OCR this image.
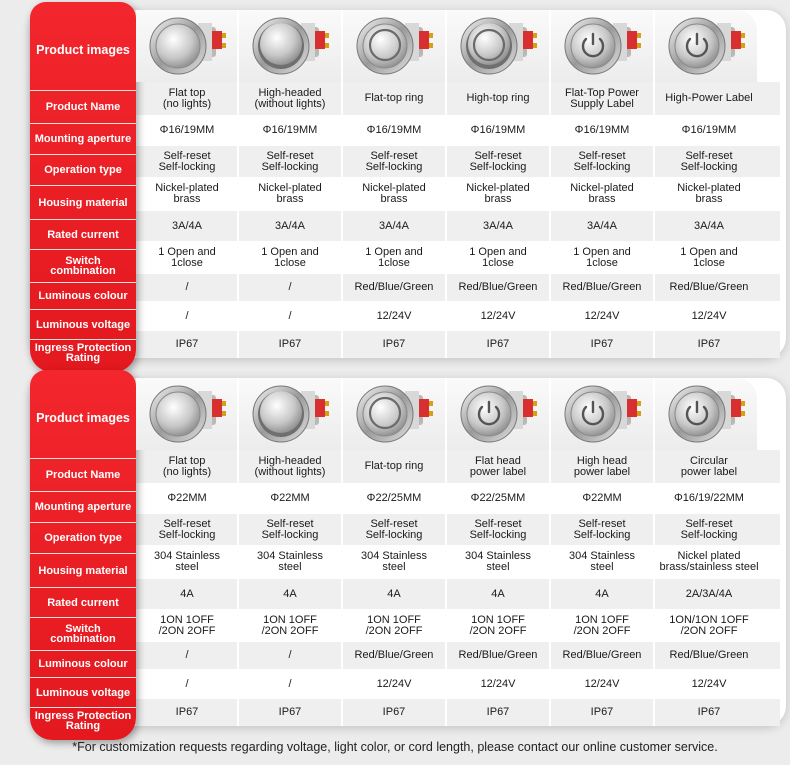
Product images
Product Name
Mounting aperture
Operation type
Housing material
Rated current
Switch combination
Luminous colour
Luminous voltage
Ingress Protection Rating
Flat top
(no lights)
Φ16/19MM
Self-reset
Self-locking
Nickel-plated
brass
3A/4A
1 Open and
1close
/
/
IP67
High-headed
(without lights)
Φ16/19MM
Self-reset
Self-locking
Nickel-plated
brass
3A/4A
1 Open and
1close
/
/
IP67
Flat-top ring
Φ16/19MM
Self-reset
Self-locking
Nickel-plated
brass
3A/4A
1 Open and
1close
Red/Blue/Green
12/24V
IP67
High-top ring
Φ16/19MM
Self-reset
Self-locking
Nickel-plated
brass
3A/4A
1 Open and
1close
Red/Blue/Green
12/24V
IP67
Flat-Top Power
Supply Label
Φ16/19MM
Self-reset
Self-locking
Nickel-plated
brass
3A/4A
1 Open and
1close
Red/Blue/Green
12/24V
IP67
High-Power Label
Φ16/19MM
Self-reset
Self-locking
Nickel-plated
brass
3A/4A
1 Open and
1close
Red/Blue/Green
12/24V
IP67
Product images
Product Name
Mounting aperture
Operation type
Housing material
Rated current
Switch combination
Luminous colour
Luminous voltage
Ingress Protection Rating
Flat top
(no lights)
Φ22MM
Self-reset
Self-locking
304 Stainless
steel
4A
1ON 1OFF
/2ON 2OFF
/
/
IP67
High-headed
(without lights)
Φ22MM
Self-reset
Self-locking
304 Stainless
steel
4A
1ON 1OFF
/2ON 2OFF
/
/
IP67
Flat-top ring
Φ22/25MM
Self-reset
Self-locking
304 Stainless
steel
4A
1ON 1OFF
/2ON 2OFF
Red/Blue/Green
12/24V
IP67
Flat head
power label
Φ22/25MM
Self-reset
Self-locking
304 Stainless
steel
4A
1ON 1OFF
/2ON 2OFF
Red/Blue/Green
12/24V
IP67
High head
power label
Φ22MM
Self-reset
Self-locking
304 Stainless
steel
4A
1ON 1OFF
/2ON 2OFF
Red/Blue/Green
12/24V
IP67
Circular
power label
Φ16/19/22MM
Self-reset
Self-locking
Nickel plated
brass/stainless steel
2A/3A/4A
1ON/1ON 1OFF
/2ON 2OFF
Red/Blue/Green
12/24V
IP67
*For customization requests regarding voltage, light color, or cord length, please contact our online customer service.
